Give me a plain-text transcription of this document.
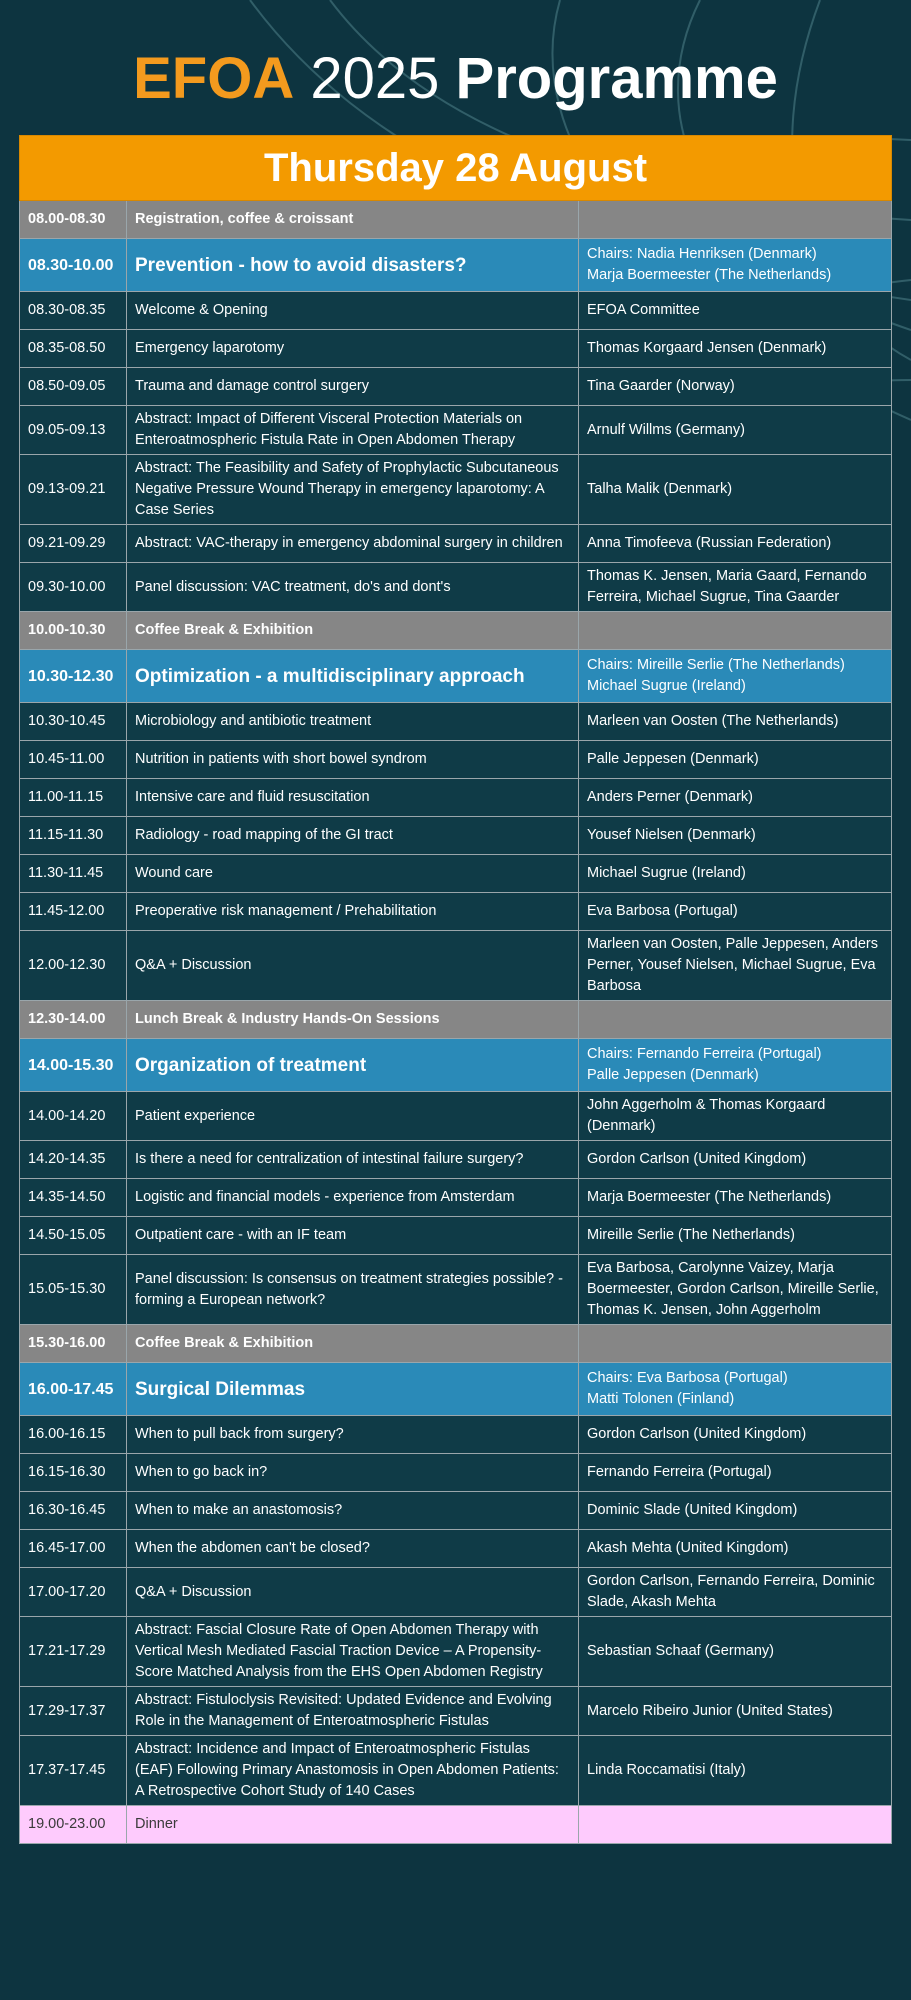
EFOA 2025 Programme
Thursday 28 August		
08.00-08.30	Registration, coffee & croissant	
08.30-10.00	Prevention - how to avoid disasters?	Chairs: Nadia Henriksen (Denmark)
Marja Boermeester (The Netherlands)
08.30-08.35	Welcome & Opening	EFOA Committee
08.35-08.50	Emergency laparotomy	Thomas Korgaard Jensen (Denmark)
08.50-09.05	Trauma and damage control surgery	Tina Gaarder (Norway)
09.05-09.13	Abstract: Impact of Different Visceral Protection Materials on Enteroatmospheric Fistula Rate in Open Abdomen Therapy	Arnulf Willms (Germany)
09.13-09.21	Abstract: The Feasibility and Safety of Prophylactic Subcutaneous Negative Pressure Wound Therapy in emergency laparotomy: A Case Series	Talha Malik (Denmark)
09.21-09.29	Abstract: VAC-therapy in emergency abdominal surgery in children	Anna Timofeeva (Russian Federation)
09.30-10.00	Panel discussion: VAC treatment, do's and dont's	Thomas K. Jensen, Maria Gaard, Fernando Ferreira, Michael Sugrue, Tina Gaarder
10.00-10.30	Coffee Break & Exhibition	
10.30-12.30	Optimization - a multidisciplinary approach	Chairs: Mireille Serlie (The Netherlands)
Michael Sugrue (Ireland)
10.30-10.45	Microbiology and antibiotic treatment	Marleen van Oosten (The Netherlands)
10.45-11.00	Nutrition in patients with short bowel syndrom	Palle Jeppesen (Denmark)
11.00-11.15	Intensive care and fluid resuscitation	Anders Perner (Denmark)
11.15-11.30	Radiology - road mapping of the GI tract	Yousef Nielsen (Denmark)
11.30-11.45	Wound care	Michael Sugrue (Ireland)
11.45-12.00	Preoperative risk management / Prehabilitation	Eva Barbosa (Portugal)
12.00-12.30	Q&A + Discussion	Marleen van Oosten, Palle Jeppesen, Anders Perner, Yousef Nielsen, Michael Sugrue, Eva Barbosa
12.30-14.00	Lunch Break & Industry Hands-On Sessions	
14.00-15.30	Organization of treatment	Chairs: Fernando Ferreira (Portugal)
Palle Jeppesen (Denmark)
14.00-14.20	Patient experience	John Aggerholm & Thomas Korgaard (Denmark)
14.20-14.35	Is there a need for centralization of intestinal failure surgery?	Gordon Carlson (United Kingdom)
14.35-14.50	Logistic and financial models - experience from Amsterdam	Marja Boermeester (The Netherlands)
14.50-15.05	Outpatient care - with an IF team	Mireille Serlie (The Netherlands)
15.05-15.30	Panel discussion: Is consensus on treatment strategies possible? - forming a European network?	Eva Barbosa, Carolynne Vaizey, Marja Boermeester, Gordon Carlson, Mireille Serlie, Thomas K. Jensen, John Aggerholm
15.30-16.00	Coffee Break & Exhibition	
16.00-17.45	Surgical Dilemmas	Chairs: Eva Barbosa (Portugal)
Matti Tolonen (Finland)
16.00-16.15	When to pull back from surgery?	Gordon Carlson (United Kingdom)
16.15-16.30	When to go back in?	Fernando Ferreira (Portugal)
16.30-16.45	When to make an anastomosis?	Dominic Slade (United Kingdom)
16.45-17.00	When the abdomen can't be closed?	Akash Mehta (United Kingdom)
17.00-17.20	Q&A + Discussion	Gordon Carlson, Fernando Ferreira, Dominic Slade, Akash Mehta
17.21-17.29	Abstract: Fascial Closure Rate of Open Abdomen Therapy with Vertical Mesh Mediated Fascial Traction Device – A Propensity-Score Matched Analysis from the EHS Open Abdomen Registry	Sebastian Schaaf (Germany)
17.29-17.37	Abstract: Fistuloclysis Revisited: Updated Evidence and Evolving Role in the Management of Enteroatmospheric Fistulas	Marcelo Ribeiro Junior (United States)
17.37-17.45	Abstract: Incidence and Impact of Enteroatmospheric Fistulas (EAF) Following Primary Anastomosis in Open Abdomen Patients: A Retrospective Cohort Study of 140 Cases	Linda Roccamatisi (Italy)
19.00-23.00	Dinner	
